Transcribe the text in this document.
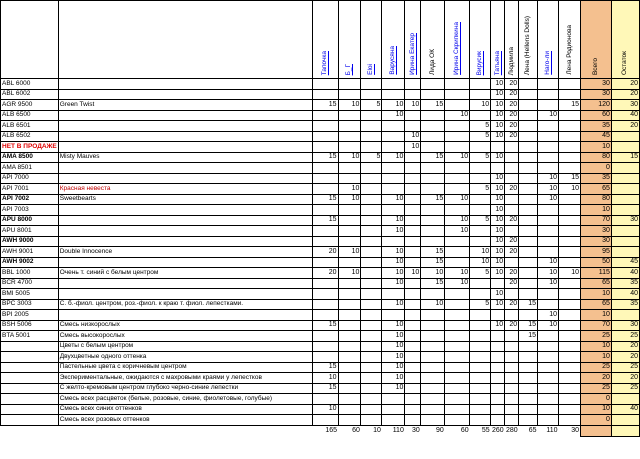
		Тапочка	Б_Г	Eloi	Варусяна	Ирина Екатер	Лида ОК	Ирина Скрипкина	Вирусик	Татьяна	Людмила	Лена (Hellens Dolls)	Наго-ли	Лена Родионова	Всего	Остаток
ABL 6000										10	20				30	20
ABL 6002										10	20				30	20
AGR 9500	Green Twist	15	10	5	10	10	15		10	10	20			15	120	30
ALB 6500					10			10		10	20		10		60	40
ALB 6501									5	10	20				35	20
ALB 6502						10			5	10	20				45	
НЕТ В ПРОДАЖЕ						10									10	
AMA 8500	Misty Mauves	15	10	5	10		15	10	5	10					80	15
AMA 8501															0	
API 7000										10			10	15	35	
API 7001	Красная невеста		10						5	10	20		10	10	65	
API 7002	Sweetbearts	15	10		10		15	10		10			10		80	
API 7003										10					10	
APU 8000		15			10			10	5	10	20				70	30
APU 8001					10			10		10					30	
AWH 9000										10	20				30	
AWH 9001	Double Innocence	20	10		10		15		10	10	20				95	
AWH 9002					10		15		10	10			10		50	45
BBL 1000	Очень т. синий с белым центром	20	10		10	10	10	10	5	10	20		10	10	115	40
BCR 4700					10		15	10			20		10		65	35
BMI 5005										10					10	40
BPC 3003	С. б.-фиол. центром, роз.-фиол. к краю т. фиол. лепестками.				10		10		5	10	20	15			65	35
BPI 2005													10		10	
BSH 5006	Смесь низкорослых	15			10					10	20	15	10		70	30
BTA 5001	Смесь высокорослых				10							15			25	25
	Цветы с белым центром				10										10	20
	Двухцветные одного оттенка				10										10	20
	Пастельные цвета с коричневым центром	15			10										25	25
	Экспериментальные, ожидаются с махровыми краями у лепестков	10			10										20	20
	С желто-кремовым центром глубоко черно-синие лепестки	15			10										25	25
	Смесь всех расцветок (белые, розовые, синие, фиолетовые, голубые)														0	
	Смесь всех синих оттенков	10													10	40
	Смесь всех розовых оттенков														0	
		165	60	10	110	30	90	60	55	260	280	65	110	30		
